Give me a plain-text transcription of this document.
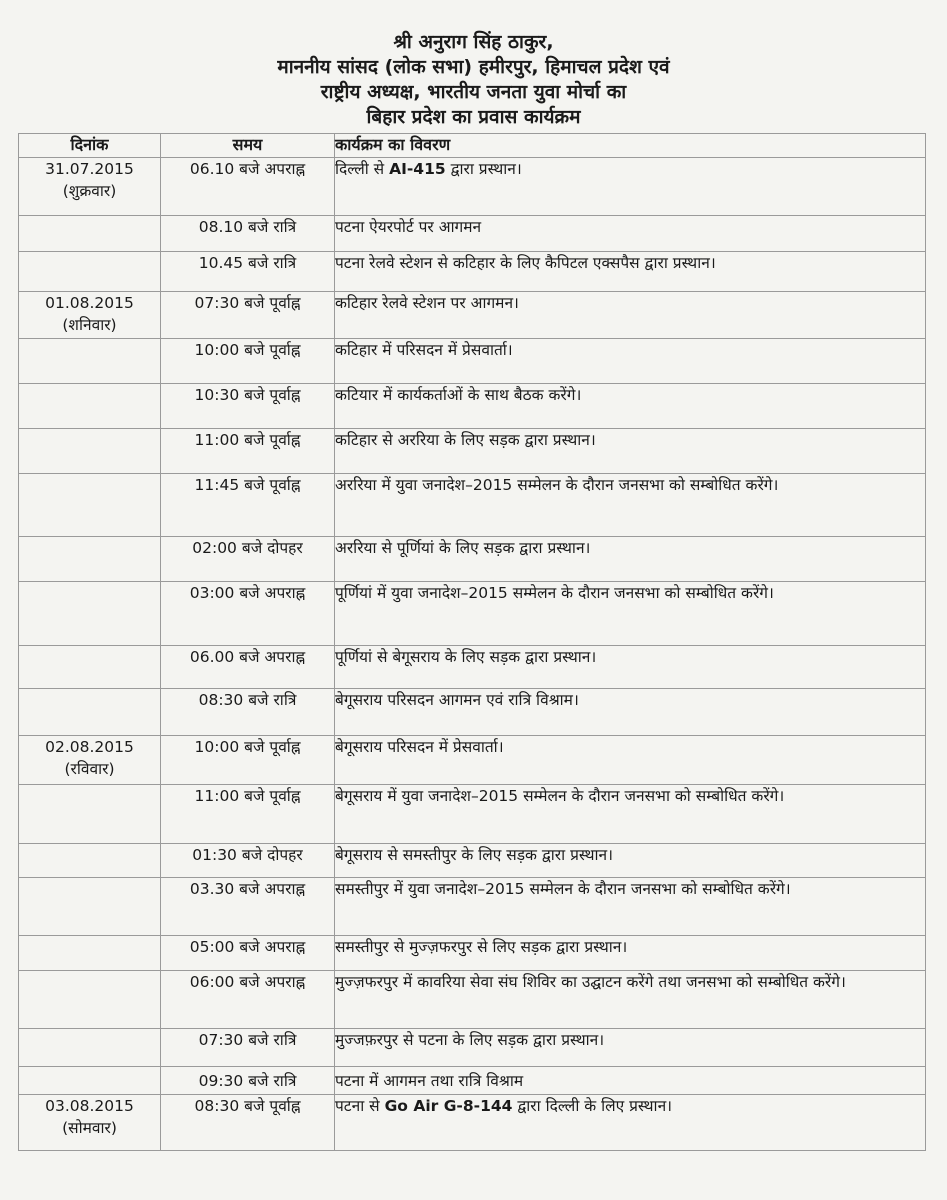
श्री अनुराग सिंह ठाकुर,
माननीय सांसद (लोक सभा) हमीरपुर, हिमाचल प्रदेश एवं
राष्ट्रीय अध्यक्ष, भारतीय जनता युवा मोर्चा का
बिहार प्रदेश का प्रवास कार्यक्रम
दिनांक	समय	कार्यक्रम का विवरण

31.07.2015
(शुक्रवार)	06.10 बजे अपराह्न	दिल्ली से AI-415 द्वारा प्रस्थान।
	08.10 बजे रात्रि	पटना ऐयरपोर्ट पर आगमन
	10.45 बजे रात्रि	पटना रेलवे स्टेशन से कटिहार के लिए कैपिटल एक्सपैस द्वारा प्रस्थान।

01.08.2015
(शनिवार)	07:30 बजे पूर्वाह्न	कटिहार रेलवे स्टेशन पर आगमन।
	10:00 बजे पूर्वाह्न	कटिहार में परिसदन में प्रेसवार्ता।
	10:30 बजे पूर्वाह्न	कटियार में कार्यकर्ताओं के साथ बैठक करेंगे।
	11:00 बजे पूर्वाह्न	कटिहार से अररिया के लिए सड़क द्वारा प्रस्थान।
	11:45 बजे पूर्वाह्न	अररिया में युवा जनादेश–2015 सम्मेलन के दौरान जनसभा को सम्बोधित करेंगे।
	02:00 बजे दोपहर	अररिया से पूर्णियां के लिए सड़क द्वारा प्रस्थान।
	03:00 बजे अपराह्न	पूर्णियां में युवा जनादेश–2015 सम्मेलन के दौरान जनसभा को सम्बोधित करेंगे।
	06.00 बजे अपराह्न	पूर्णियां से बेगूसराय के लिए सड़क द्वारा प्रस्थान।
	08:30 बजे रात्रि	बेगूसराय परिसदन आगमन एवं रात्रि विश्राम।

02.08.2015
(रविवार)	10:00 बजे पूर्वाह्न	बेगूसराय परिसदन में प्रेसवार्ता।
	11:00 बजे पूर्वाह्न	बेगूसराय में युवा जनादेश–2015 सम्मेलन के दौरान जनसभा को सम्बोधित करेंगे।
	01:30 बजे दोपहर	बेगूसराय से समस्तीपुर के लिए सड़क द्वारा प्रस्थान।
	03.30 बजे अपराह्न	समस्तीपुर में युवा जनादेश–2015 सम्मेलन के दौरान जनसभा को सम्बोधित करेंगे।
	05:00 बजे अपराह्न	समस्तीपुर से मुज्ज़फरपुर से लिए सड़क द्वारा प्रस्थान।
	06:00 बजे अपराह्न	मुज्ज़फरपुर में कावरिया सेवा संघ शिविर का उद्घाटन करेंगे तथा जनसभा को सम्बोधित करेंगे।
	07:30 बजे रात्रि	मुज्जफ़रपुर से पटना के लिए सड़क द्वारा प्रस्थान।
	09:30 बजे रात्रि	पटना में आगमन तथा रात्रि विश्राम

03.08.2015
(सोमवार)	08:30 बजे पूर्वाह्न	पटना से Go Air G-8-144 द्वारा दिल्ली के लिए प्रस्थान।
